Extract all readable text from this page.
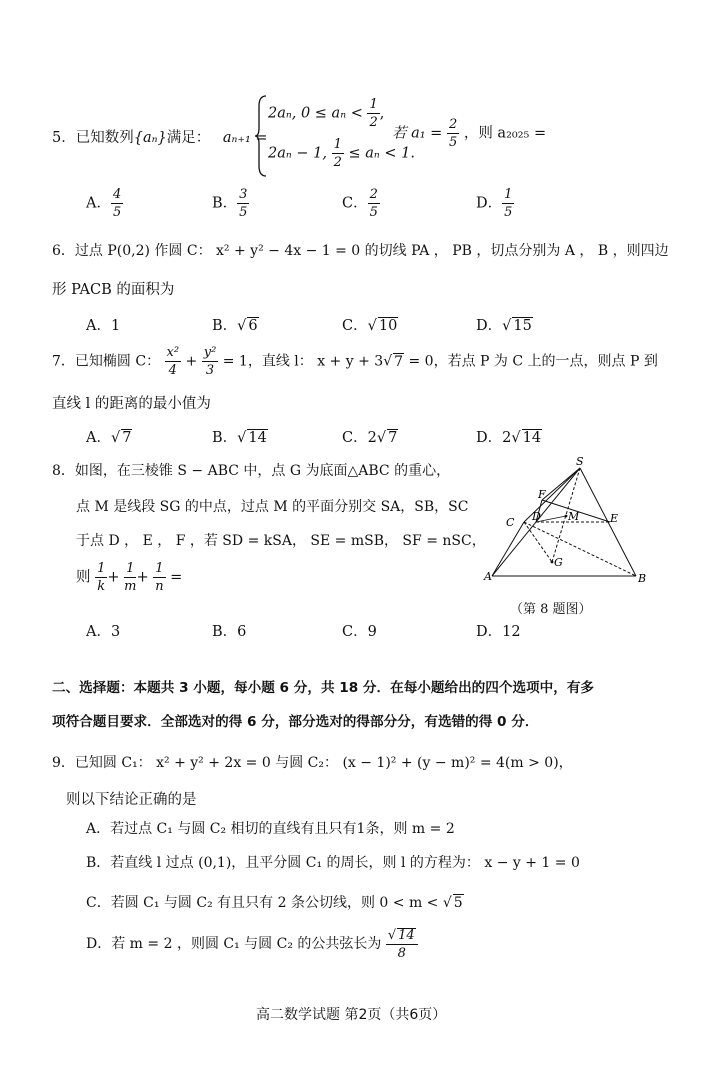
5．已知数列{aₙ}满足： aₙ₊₁ =
2aₙ, $0 \le a_n < \frac{1}{2}$ ,
2aₙ − 1, $\frac{1}{2} \le a_n < 1$.
若 $a_1 = \frac{2}{5}$ ，则 a₂₀₂₅ =
A． $\frac{4}{5}$	B． $\frac{3}{5}$	C． $\frac{2}{5}$	D． $\frac{1}{5}$
6．过点 P(0,2) 作圆 C： x² + y² − 4x − 1 = 0 的切线 PA ， PB ，切点分别为 A ， B ，则四边
形 PACB 的面积为
A．1	B．√ 6	C．√ 10	D．√ 15
7．已知椭圆 C： $\frac{\text{x²}}{4} + \frac{\text{y²}}{3} = 1$，直线 l： x + y + 3√ 7 = 0，若点 P 为 C 上的一点，则点 P 到
直线 l 的距离的最小值为
A．√ 7	B．√ 14	C．2√ 7	D．2√ 14
8．如图，在三棱锥 S − ABC 中，点 G 为底面△ABC 的重心，
点 M 是线段 SG 的中点，过点 M 的平面分别交 SA，SB，SC
于点 D ， E ， F ，若 SD = kSA， SE = mSB， SF = nSC，
则 $\frac{1}{k} + \frac{1}{m} + \frac{1}{n}$ =
S
F
C D M	E
G
A	B
（第 8 题图）
A．3	B．6	C．9	D．12
二、选择题：本题共 3 小题，每小题 6 分，共 18 分．在每小题给出的四个选项中，有多
项符合题目要求．全部选对的得 6 分，部分选对的得部分分，有选错的得 0 分．
9．已知圆 C₁： x² + y² + 2x = 0 与圆 C₂： (x − 1)² + (y − m)² = 4(m > 0)，
则以下结论正确的是
A．若过点 C₁ 与圆 C₂ 相切的直线有且只有1条，则 m = 2
B．若直线 l 过点 (0,1)，且平分圆 C₁ 的周长，则 l 的方程为： x − y + 1 = 0
C．若圆 C₁ 与圆 C₂ 有且只有 2 条公切线，则 0 < m < √ 5
D．若 m = 2 ，则圆 C₁ 与圆 C₂ 的公共弦长为 $\frac{√ 14}{8}$
高二数学试题 第2页（共6页）
